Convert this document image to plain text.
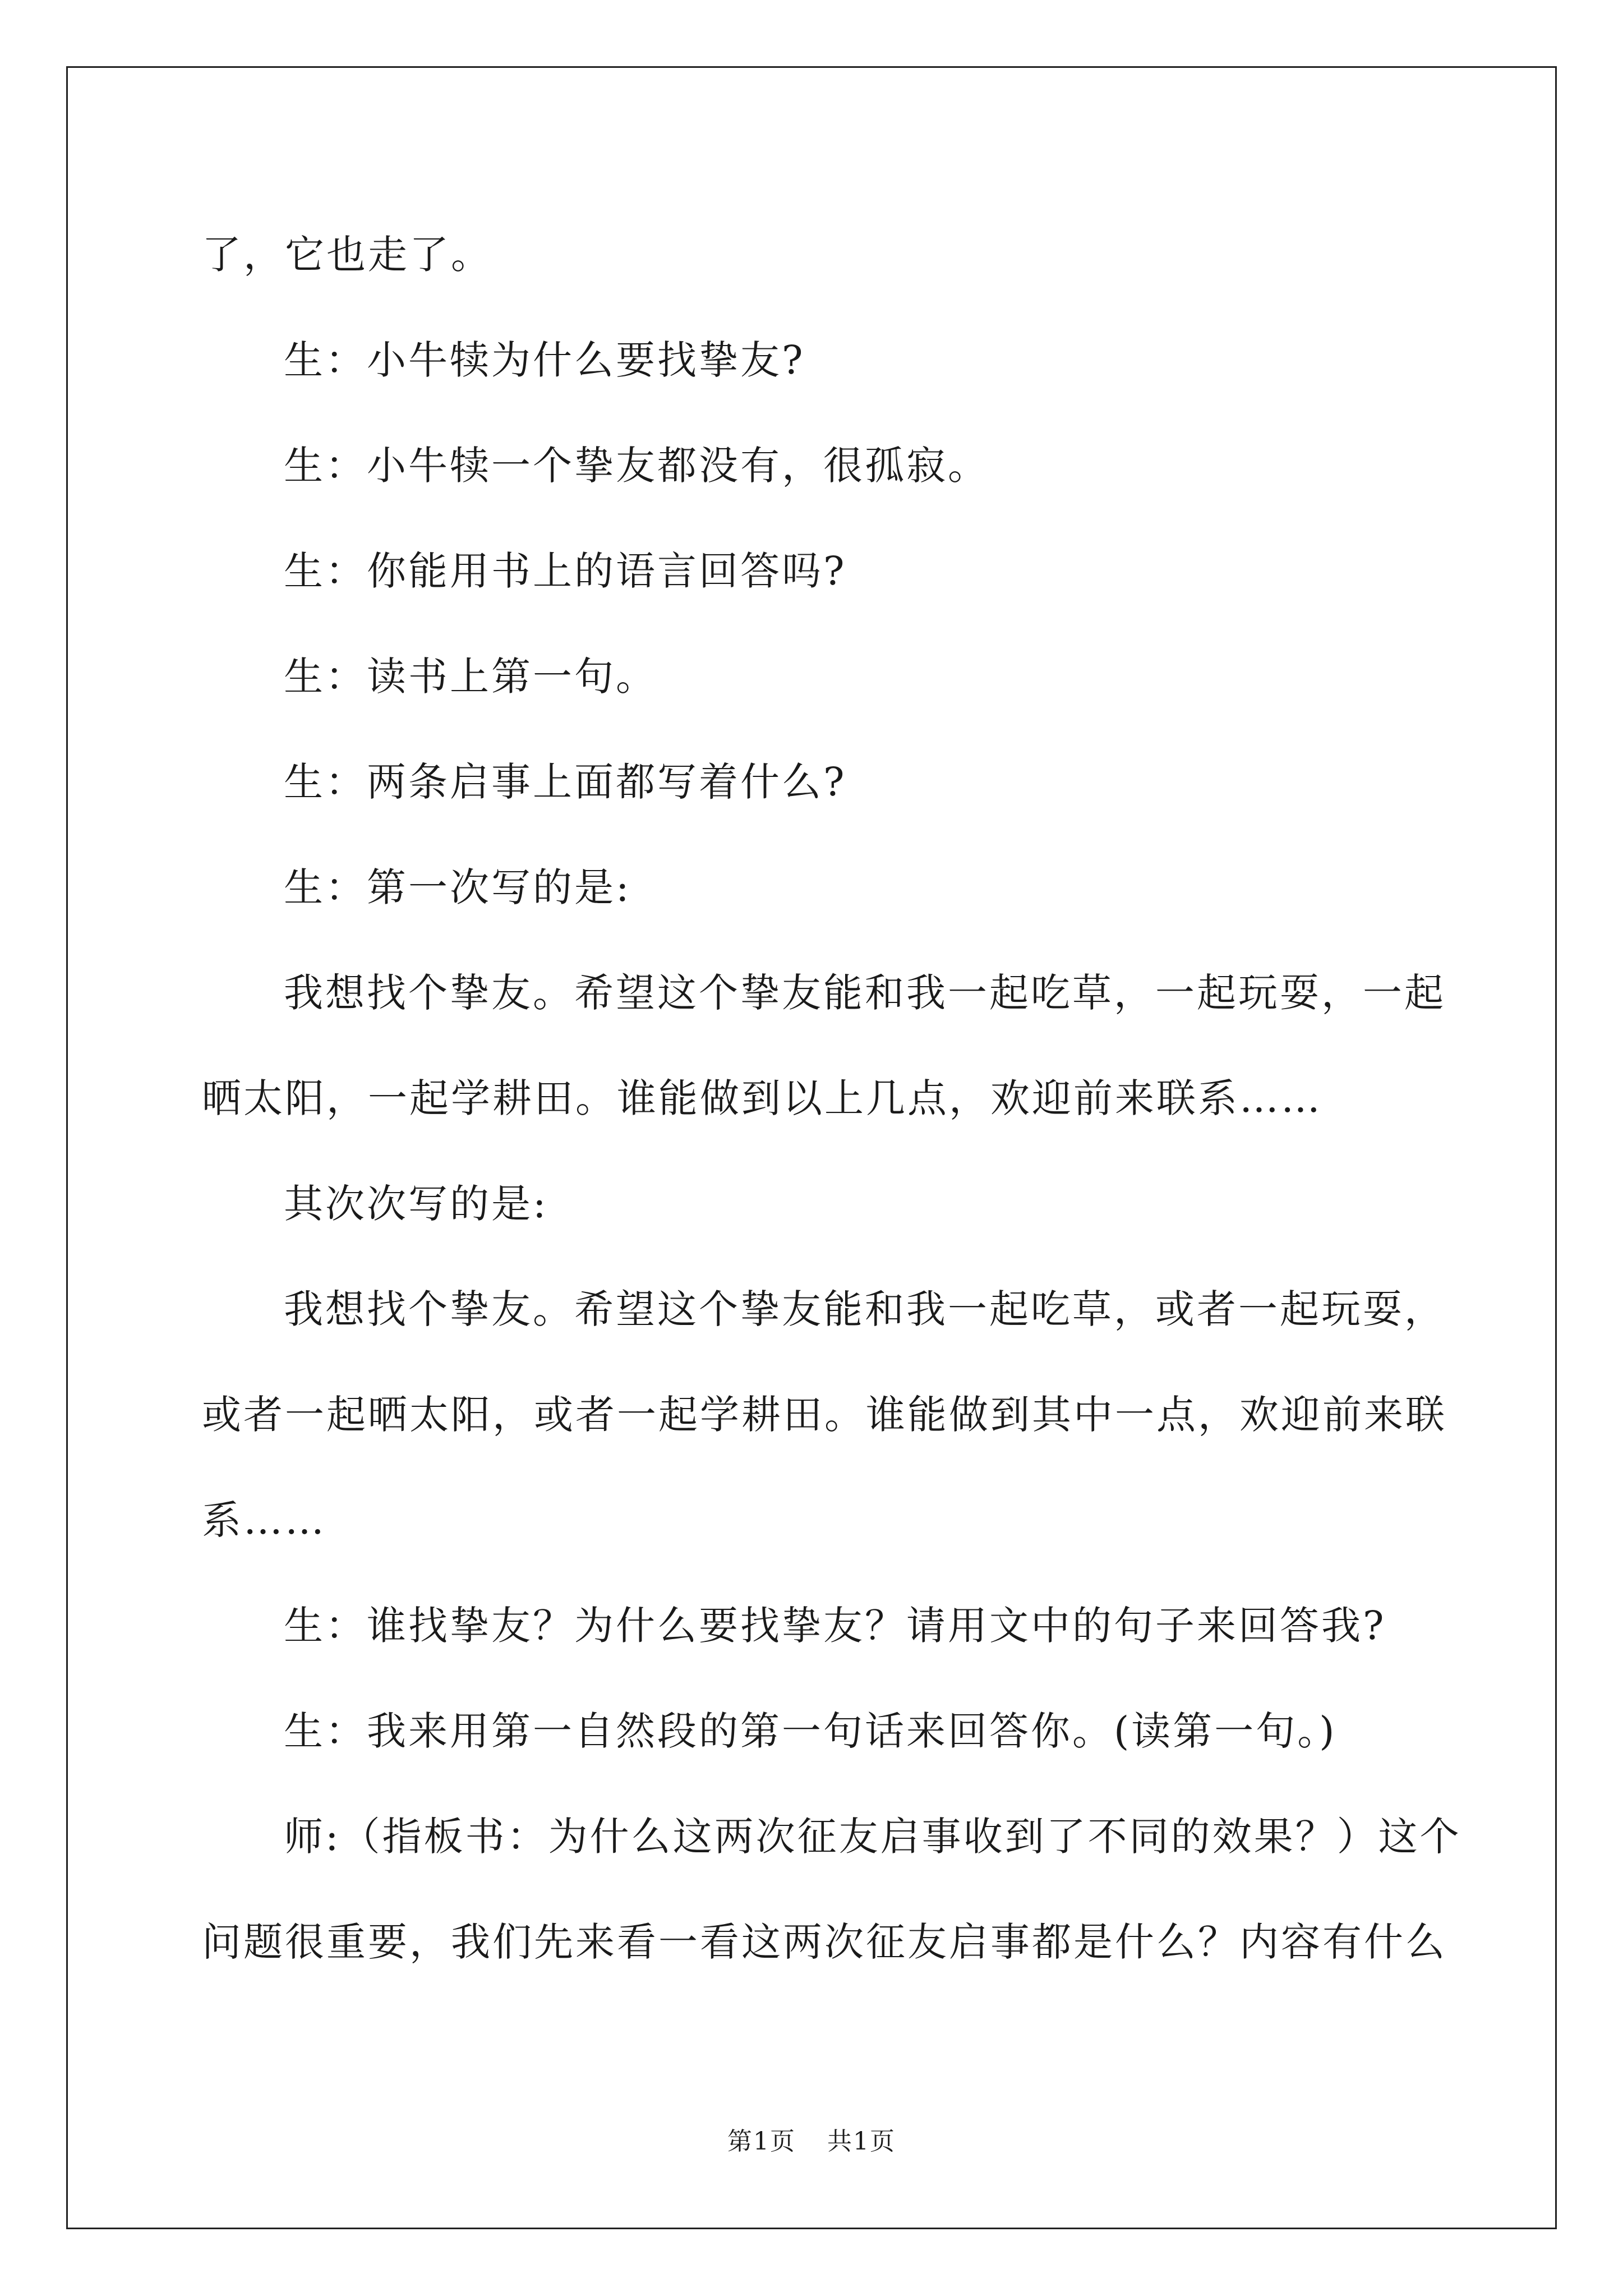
了，它也走了。

生：小牛犊为什么要找挚友?

生：小牛犊一个挚友都没有，很孤寂。

生：你能用书上的语言回答吗?

生：读书上第一句。

生：两条启事上面都写着什么?

生：第一次写的是:

我想找个挚友。希望这个挚友能和我一起吃草，一起玩耍，一起

晒太阳，一起学耕田。谁能做到以上几点，欢迎前来联系……

其次次写的是:

我想找个挚友。希望这个挚友能和我一起吃草，或者一起玩耍，

或者一起晒太阳，或者一起学耕田。谁能做到其中一点，欢迎前来联

系……

生：谁找挚友？为什么要找挚友？请用文中的句子来回答我?

生：我来用第一自然段的第一句话来回答你。(读第一句。)

师:（指板书：为什么这两次征友启事收到了不同的效果？）这个

问题很重要，我们先来看一看这两次征友启事都是什么？内容有什么

第1页 共1页
